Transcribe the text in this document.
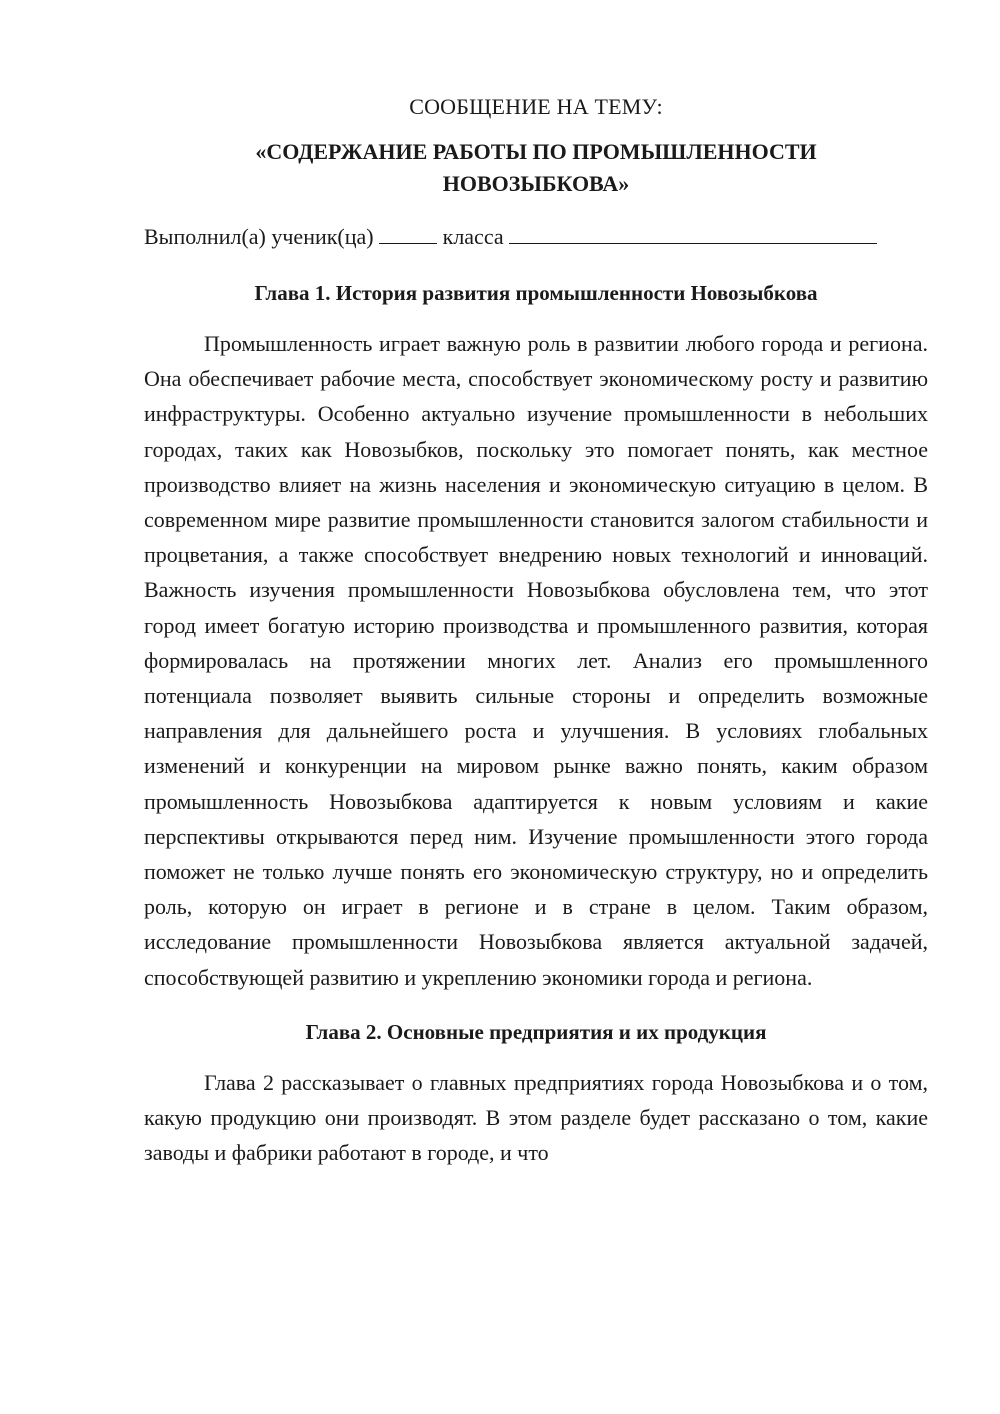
СООБЩЕНИЕ НА ТЕМУ:
«СОДЕРЖАНИЕ РАБОТЫ ПО ПРОМЫШЛЕННОСТИ
НОВОЗЫБКОВА»
Выполнил(а) ученик(ца)	класса
Глава 1. История развития промышленности Новозыбкова

Промышленность играет важную роль в развитии любого города и региона. Она обеспечивает рабочие места, способствует экономическому росту и развитию инфраструктуры. Особенно актуально изучение промышленности в небольших городах, таких как Новозыбков, поскольку это помогает понять, как местное производство влияет на жизнь населения и экономическую ситуацию в целом. В современном мире развитие промышленности становится залогом стабильности и процветания, а также способствует внедрению новых технологий и инноваций. Важность изучения промышленности Новозыбкова обусловлена тем, что этот город имеет богатую историю производства и промышленного развития, которая формировалась на протяжении многих лет. Анализ его промышленного потенциала позволяет выявить сильные стороны и определить возможные направления для дальнейшего роста и улучшения. В условиях глобальных изменений и конкуренции на мировом рынке важно понять, каким образом промышленность Новозыбкова адаптируется к новым условиям и какие перспективы открываются перед ним. Изучение промышленности этого города поможет не только лучше понять его экономическую структуру, но и определить роль, которую он играет в регионе и в стране в целом. Таким образом, исследование промышленности Новозыбкова является актуальной задачей, способствующей развитию и укреплению экономики города и региона.

Глава 2. Основные предприятия и их продукция

Глава 2 рассказывает о главных предприятиях города Новозыбкова и о том, какую продукцию они производят. В этом разделе будет рассказано о том, какие заводы и фабрики работают в городе, и что
